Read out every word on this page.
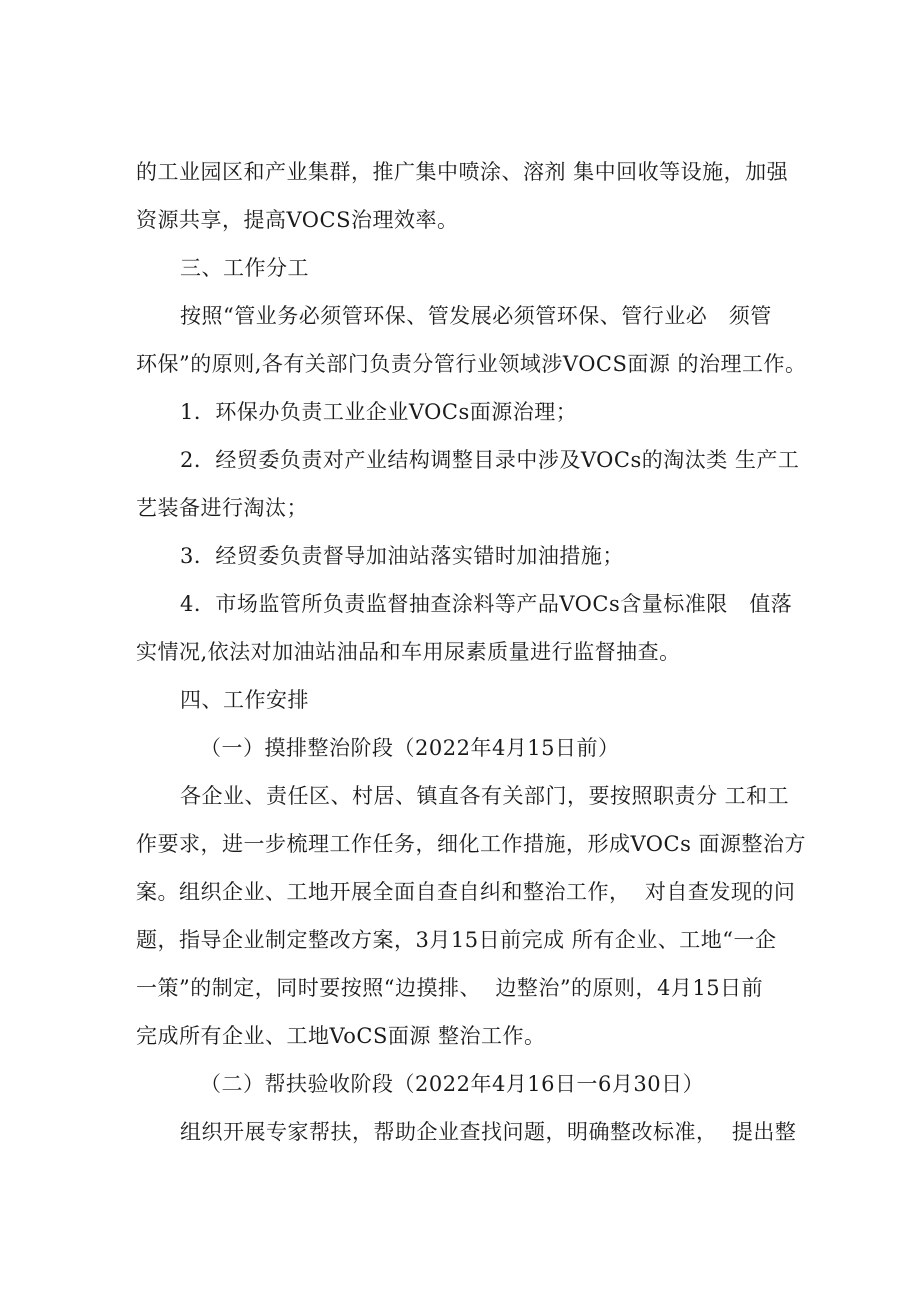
的工业园区和产业集群，推广集中喷涂、溶剂 集中回收等设施，加强
资源共享，提高VOCS治理效率。
三、工作分工
按照“管业务必须管环保、管发展必须管环保、管行业必   须管
环保”的原则,各有关部门负责分管行业领域涉VOCS面源 的治理工作。
1．环保办负责工业企业VOCs面源治理；
2．经贸委负责对产业结构调整目录中涉及VOCs的淘汰类 生产工
艺装备进行淘汰；
3．经贸委负责督导加油站落实错时加油措施；
4．市场监管所负责监督抽查涂料等产品VOCs含量标准限   值落
实情况,依法对加油站油品和车用尿素质量进行监督抽查。
四、工作安排
（一）摸排整治阶段（2022年4月15日前）
各企业、责任区、村居、镇直各有关部门，要按照职责分 工和工
作要求，进一步梳理工作任务，细化工作措施，形成VOCs 面源整治方
案。组织企业、工地开展全面自查自纠和整治工作，  对自查发现的问
题，指导企业制定整改方案，3月15日前完成 所有企业、工地“一企
一策”的制定，同时要按照“边摸排、  边整治”的原则，4月15日前
完成所有企业、工地VoCS面源 整治工作。
（二）帮扶验收阶段（2022年4月16日一6月30日）
组织开展专家帮扶，帮助企业查找问题，明确整改标准，  提出整
